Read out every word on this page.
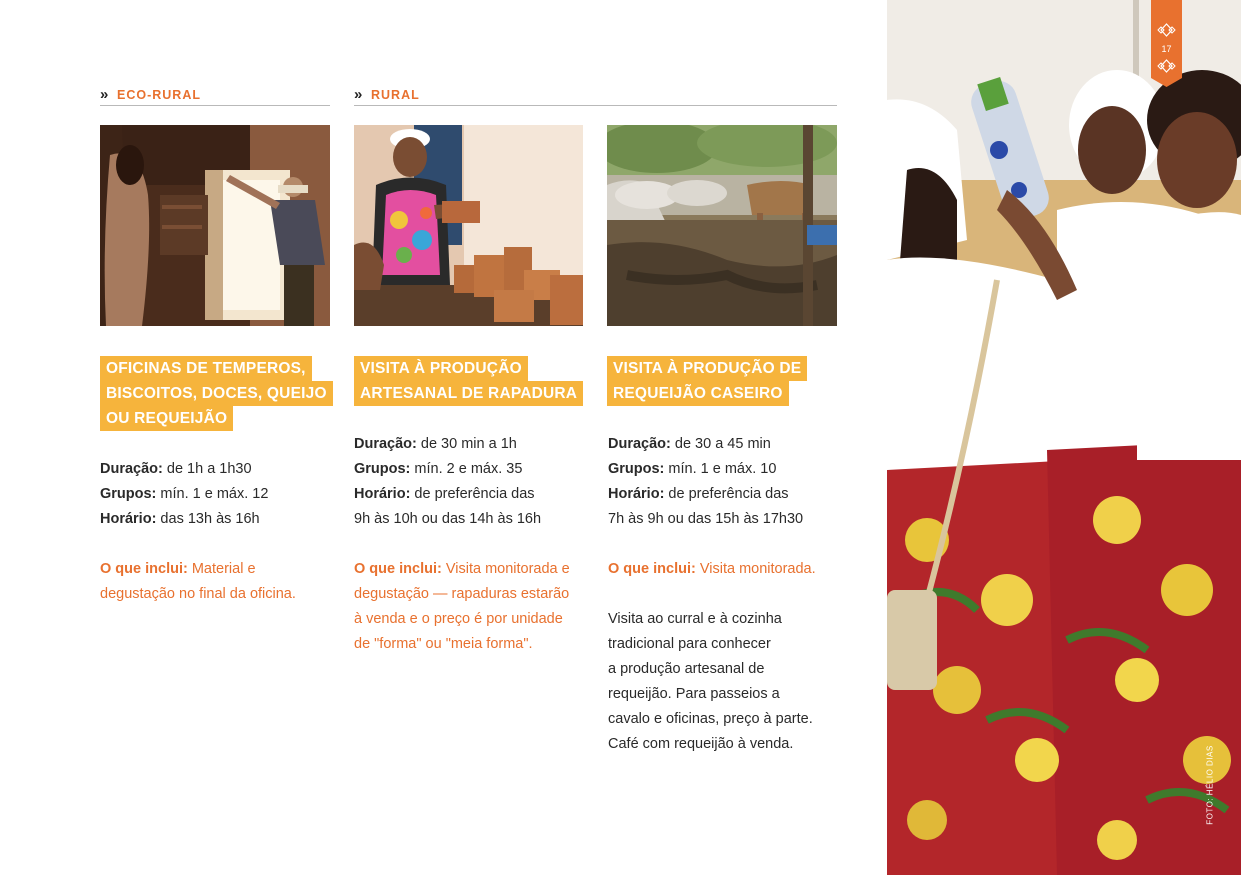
» ECO-RURAL	» RURAL
OFICINAS DE TEMPEROS,
BISCOITOS, DOCES, QUEIJO
OU REQUEIJÃO
VISITA À PRODUÇÃO
ARTESANAL DE RAPADURA
VISITA À PRODUÇÃO DE
REQUEIJÃO CASEIRO
Duração: de 1h a 1h30
Grupos: mín. 1 e máx. 12
Horário: das 13h às 16h
Duração: de 30 min a 1h
Grupos: mín. 2 e máx. 35
Horário: de preferência das
9h às 10h ou das 14h às 16h
Duração: de 30 a 45 min
Grupos: mín. 1 e máx. 10
Horário: de preferência das
7h às 9h ou das 15h às 17h30
O que inclui: Material e
degustação no final da oficina.
O que inclui: Visita monitorada e
degustação — rapaduras estarão
à venda e o preço é por unidade
de "forma" ou "meia forma".
O que inclui: Visita monitorada.
Visita ao curral e à cozinha
tradicional para conhecer
a produção artesanal de
requeijão. Para passeios a
cavalo e oficinas, preço à parte.
Café com requeijão à venda.
17
FOTO: HÉLIO DIAS
